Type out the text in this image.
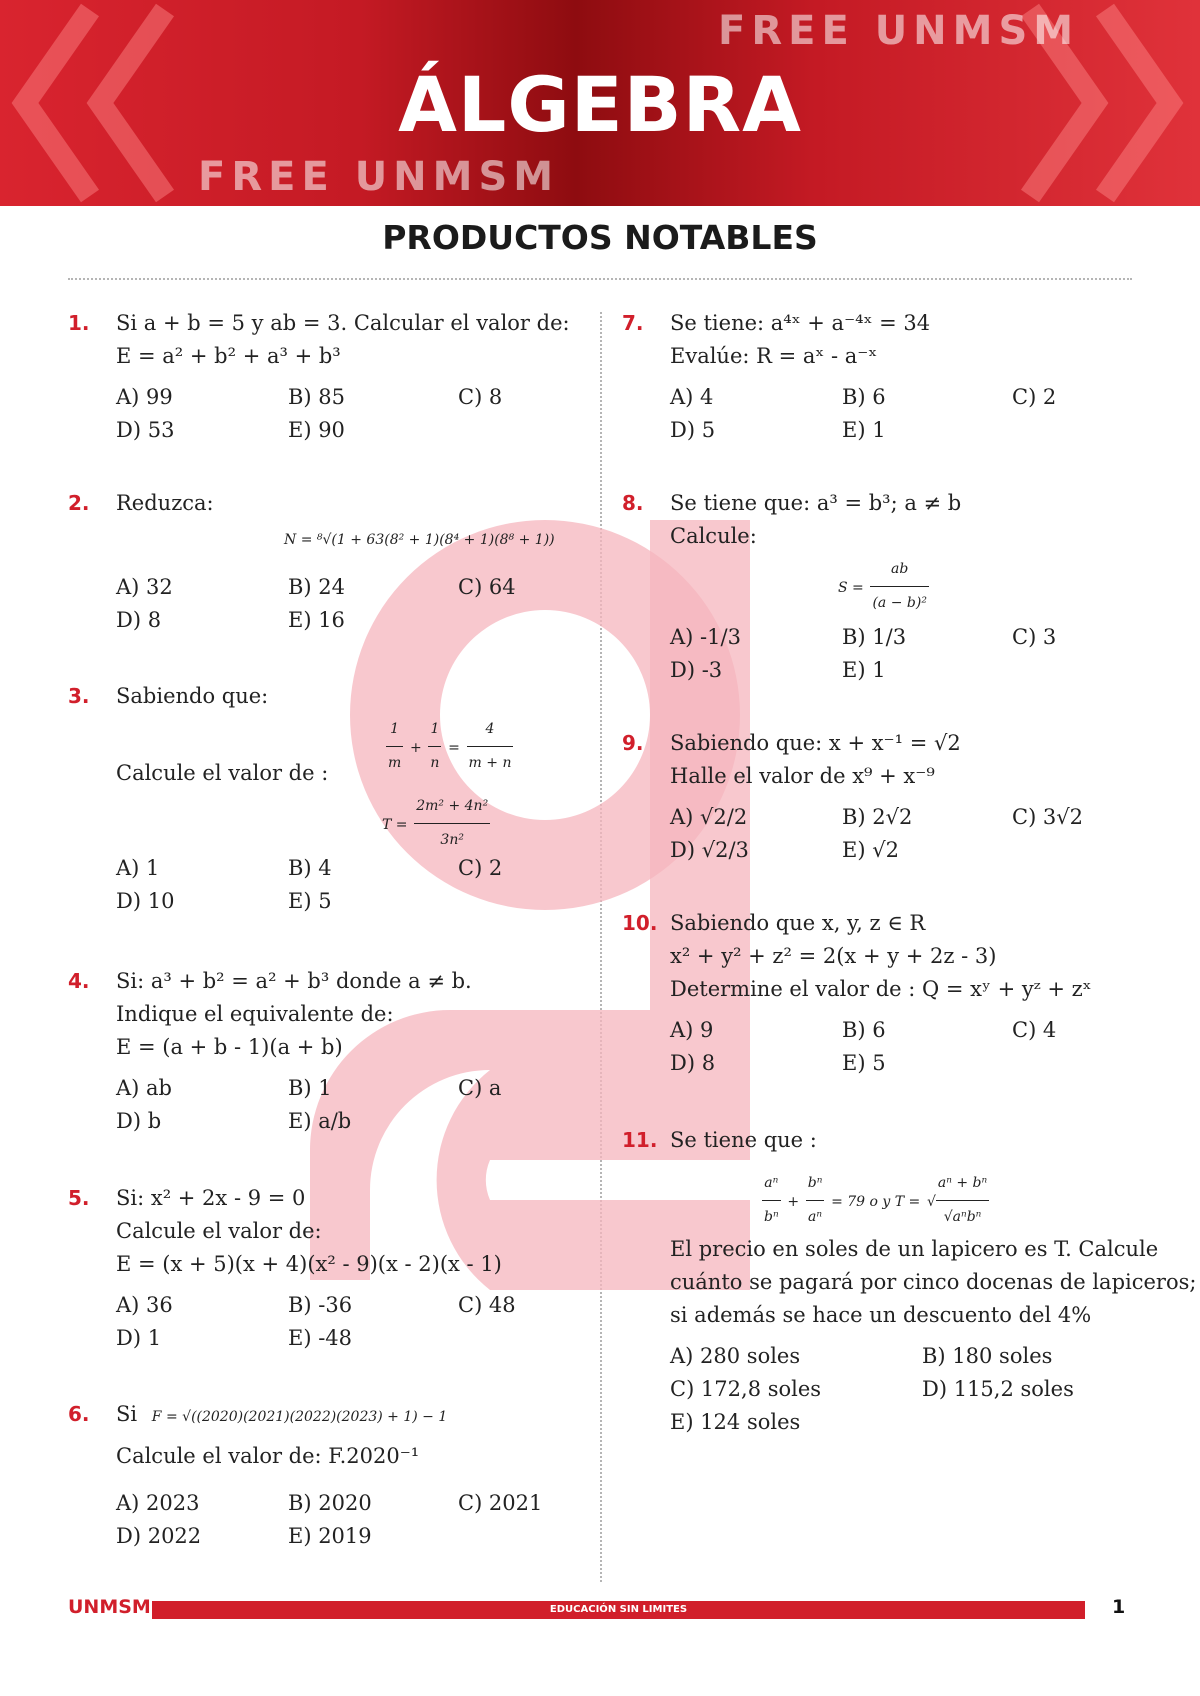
FREE UNMSM
FREE UNMSM
ÁLGEBRA
PRODUCTOS NOTABLES
1. Si a + b = 5 y ab = 3. Calcular el valor de:
E = a² + b² + a³ + b³
A) 99	B) 85	C) 8
D) 53	E) 90
2. Reduzca:
N = ⁸√(1 + 63(8² + 1)(8⁴ + 1)(8⁸ + 1))
A) 32	B) 24	C) 64
D) 8	E) 16
3. Sabiendo que:
$\frac{1}{m} + \frac{1}{n} = \frac{4}{m + n}$
Calcule el valor de :
$T = \frac{\text{2m² + 4n²}}{\text{3n²}}$
A) 1	B) 4	C) 2
D) 10	E) 5
4. Si: a³ + b² = a² + b³ donde a ≠ b.
Indique el equivalente de:
E = (a + b - 1)(a + b)
A) ab	B) 1	C) a
D) b	E) a/b
5. Si: x² + 2x - 9 = 0
Calcule el valor de:
E = (x + 5)(x + 4)(x² - 9)(x - 2)(x - 1)
A) 36	B) -36	C) 48
D) 1	E) -48
6. Si F = √((2020)(2021)(2022)(2023) + 1) − 1
Calcule el valor de: F.2020⁻¹
A) 2023	B) 2020	C) 2021
D) 2022	E) 2019
7. Se tiene: a⁴ˣ + a⁻⁴ˣ = 34
Evalúe: R = aˣ - a⁻ˣ
A) 4	B) 6	C) 2
D) 5	E) 1
8. Se tiene que: a³ = b³; a ≠ b
Calcule:
$S = \frac{ab}{\text{(a − b)²}}$
A) -1/3	B) 1/3	C) 3
D) -3	E) 1
9. Sabiendo que: x + x⁻¹ = √2
Halle el valor de x⁹ + x⁻⁹
A) √2/2	B) 2√2	C) 3√2
D) √2/3	E) √2
10. Sabiendo que x, y, z ∈ R
x² + y² + z² = 2(x + y + 2z - 3)
Determine el valor de : Q = xʸ + yᶻ + zˣ
A) 9	B) 6	C) 4
D) 8	E) 5
11. Se tiene que :
$\frac{\text{aⁿ}}{\text{bⁿ}} + \frac{\text{bⁿ}}{\text{aⁿ}} = 79$ o y T = √ $\frac{\text{aⁿ + bⁿ}}{\text{√aⁿbⁿ}}$
El precio en soles de un lapicero es T. Calcule
cuánto se pagará por cinco docenas de lapiceros;
si además se hace un descuento del 4%
A) 280 soles	B) 180 soles
C) 172,8 soles	D) 115,2 soles
E) 124 soles
UNMSM	EDUCACIÓN SIN LIMITES	1
